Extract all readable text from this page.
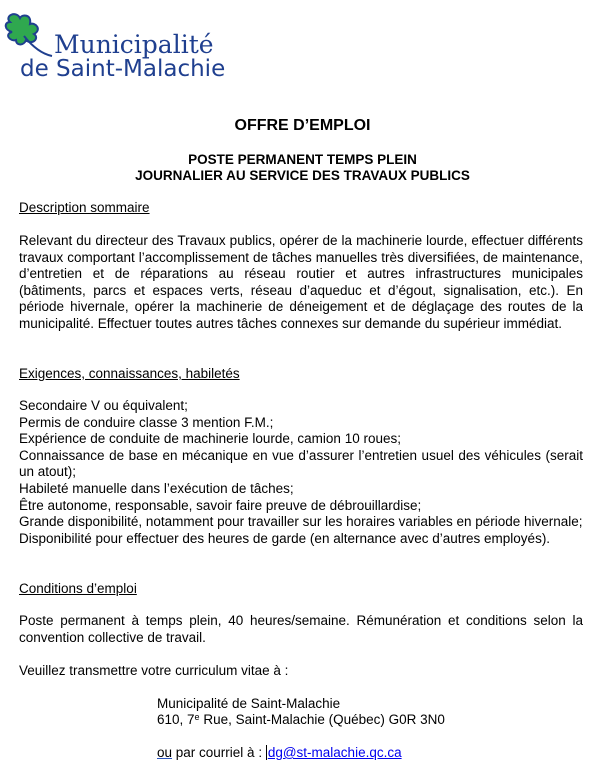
Municipalité
de Saint-Malachie
OFFRE D’EMPLOI
POSTE PERMANENT TEMPS PLEIN
JOURNALIER AU SERVICE DES TRAVAUX PUBLICS
Description sommaire
Relevant du directeur des Travaux publics, opérer de la machinerie lourde, effectuer différents travaux comportant l’accomplissement de tâches manuelles très diversifiées, de maintenance, d’entretien et de réparations au réseau routier et autres infrastructures municipales (bâtiments, parcs et espaces verts, réseau d’aqueduc et d’égout, signalisation, etc.). En période hivernale, opérer la machinerie de déneigement et de déglaçage des routes de la municipalité. Effectuer toutes autres tâches connexes sur demande du supérieur immédiat.
Exigences, connaissances, habiletés
Secondaire V ou équivalent;
Permis de conduire classe 3 mention F.M.;
Expérience de conduite de machinerie lourde, camion 10 roues;
Connaissance de base en mécanique en vue d’assurer l’entretien usuel des véhicules (serait un atout);
Habileté manuelle dans l’exécution de tâches;
Être autonome, responsable, savoir faire preuve de débrouillardise;
Grande disponibilité, notamment pour travailler sur les horaires variables en période hivernale;
Disponibilité pour effectuer des heures de garde (en alternance avec d’autres employés).
Conditions d’emploi
Poste permanent à temps plein, 40 heures/semaine. Rémunération et conditions selon la convention collective de travail.
Veuillez transmettre votre curriculum vitae à :
Municipalité de Saint-Malachie
610, 7e Rue, Saint-Malachie (Québec) G0R 3N0
ou par courriel à : dg@st-malachie.qc.ca
